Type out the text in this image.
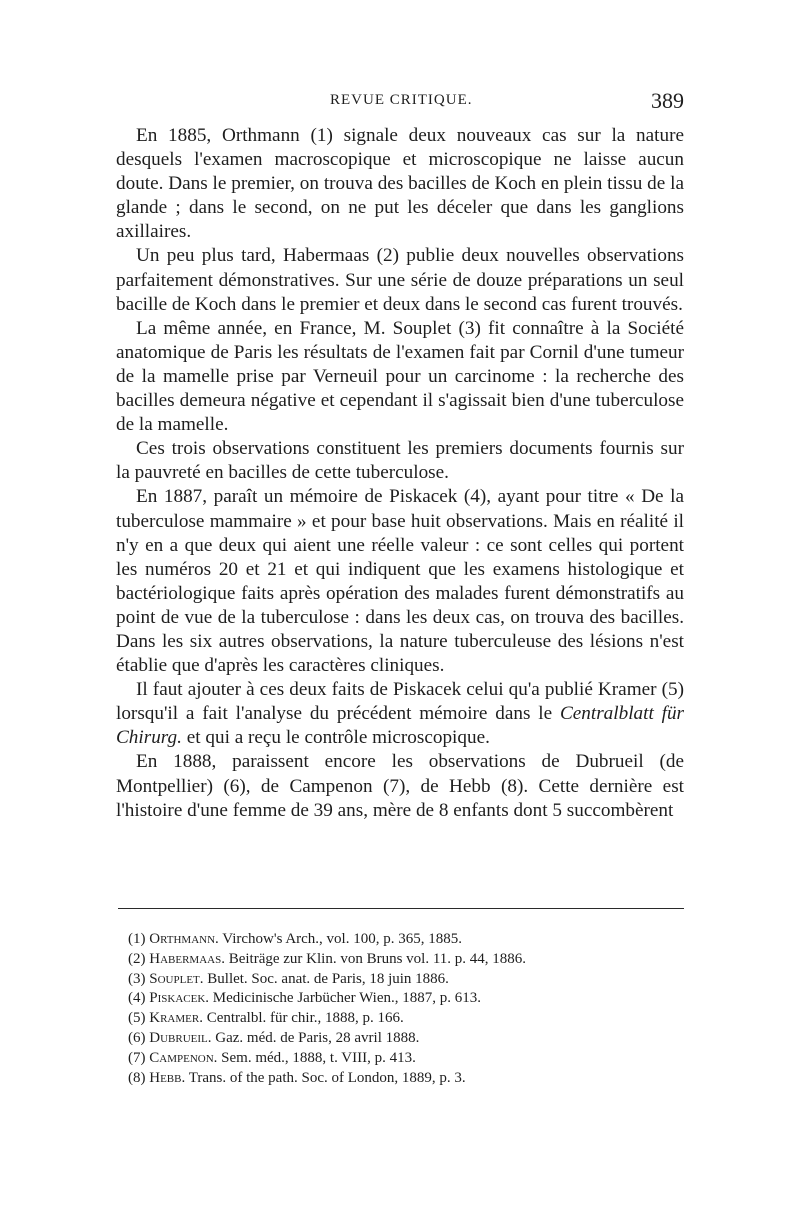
REVUE CRITIQUE.	389

En 1885, Orthmann (1) signale deux nouveaux cas sur la nature desquels l'examen macroscopique et microscopique ne laisse aucun doute. Dans le premier, on trouva des bacilles de Koch en plein tissu de la glande ; dans le second, on ne put les déceler que dans les ganglions axillaires.

Un peu plus tard, Habermaas (2) publie deux nouvelles observations parfaitement démonstratives. Sur une série de douze préparations un seul bacille de Koch dans le premier et deux dans le second cas furent trouvés.

La même année, en France, M. Souplet (3) fit connaître à la Société anatomique de Paris les résultats de l'examen fait par Cornil d'une tumeur de la mamelle prise par Verneuil pour un carcinome : la recherche des bacilles demeura négative et cependant il s'agissait bien d'une tuberculose de la mamelle.

Ces trois observations constituent les premiers documents fournis sur la pauvreté en bacilles de cette tuberculose.

En 1887, paraît un mémoire de Piskacek (4), ayant pour titre « De la tuberculose mammaire » et pour base huit observations. Mais en réalité il n'y en a que deux qui aient une réelle valeur : ce sont celles qui portent les numéros 20 et 21 et qui indiquent que les examens histologique et bactériologique faits après opération des malades furent démonstratifs au point de vue de la tuberculose : dans les deux cas, on trouva des bacilles. Dans les six autres observations, la nature tuberculeuse des lésions n'est établie que d'après les caractères cliniques.

Il faut ajouter à ces deux faits de Piskacek celui qu'a publié Kramer (5) lorsqu'il a fait l'analyse du précédent mémoire dans le Centralblatt für Chirurg. et qui a reçu le contrôle microscopique.

En 1888, paraissent encore les observations de Dubrueil (de Montpellier) (6), de Campenon (7), de Hebb (8). Cette dernière est l'histoire d'une femme de 39 ans, mère de 8 enfants dont 5 succombèrent

(1) Orthmann. Virchow's Arch., vol. 100, p. 365, 1885.
(2) Habermaas. Beiträge zur Klin. von Bruns vol. 11. p. 44, 1886.
(3) Souplet. Bullet. Soc. anat. de Paris, 18 juin 1886.
(4) Piskacek. Medicinische Jarbücher Wien., 1887, p. 613.
(5) Kramer. Centralbl. für chir., 1888, p. 166.
(6) Dubrueil. Gaz. méd. de Paris, 28 avril 1888.
(7) Campenon. Sem. méd., 1888, t. VIII, p. 413.
(8) Hebb. Trans. of the path. Soc. of London, 1889, p. 3.
